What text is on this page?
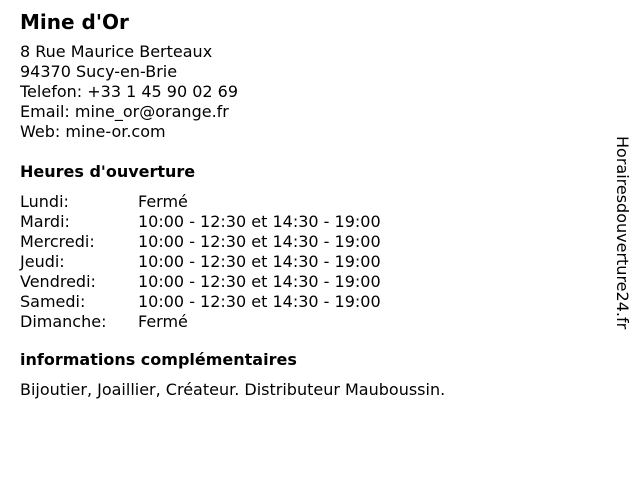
Mine d'Or
8 Rue Maurice Berteaux
94370 Sucy-en-Brie
Telefon: +33 1 45 90 02 69
Email: mine_or@orange.fr
Web: mine-or.com
Heures d'ouverture
Lundi:	Fermé
Mardi:	10:00 - 12:30 et 14:30 - 19:00
Mercredi:	10:00 - 12:30 et 14:30 - 19:00
Jeudi:	10:00 - 12:30 et 14:30 - 19:00
Vendredi:	10:00 - 12:30 et 14:30 - 19:00
Samedi:	10:00 - 12:30 et 14:30 - 19:00
Dimanche:	Fermé
informations complémentaires
Bijoutier, Joaillier, Créateur. Distributeur Mauboussin.
Horairesdouverture24.fr
